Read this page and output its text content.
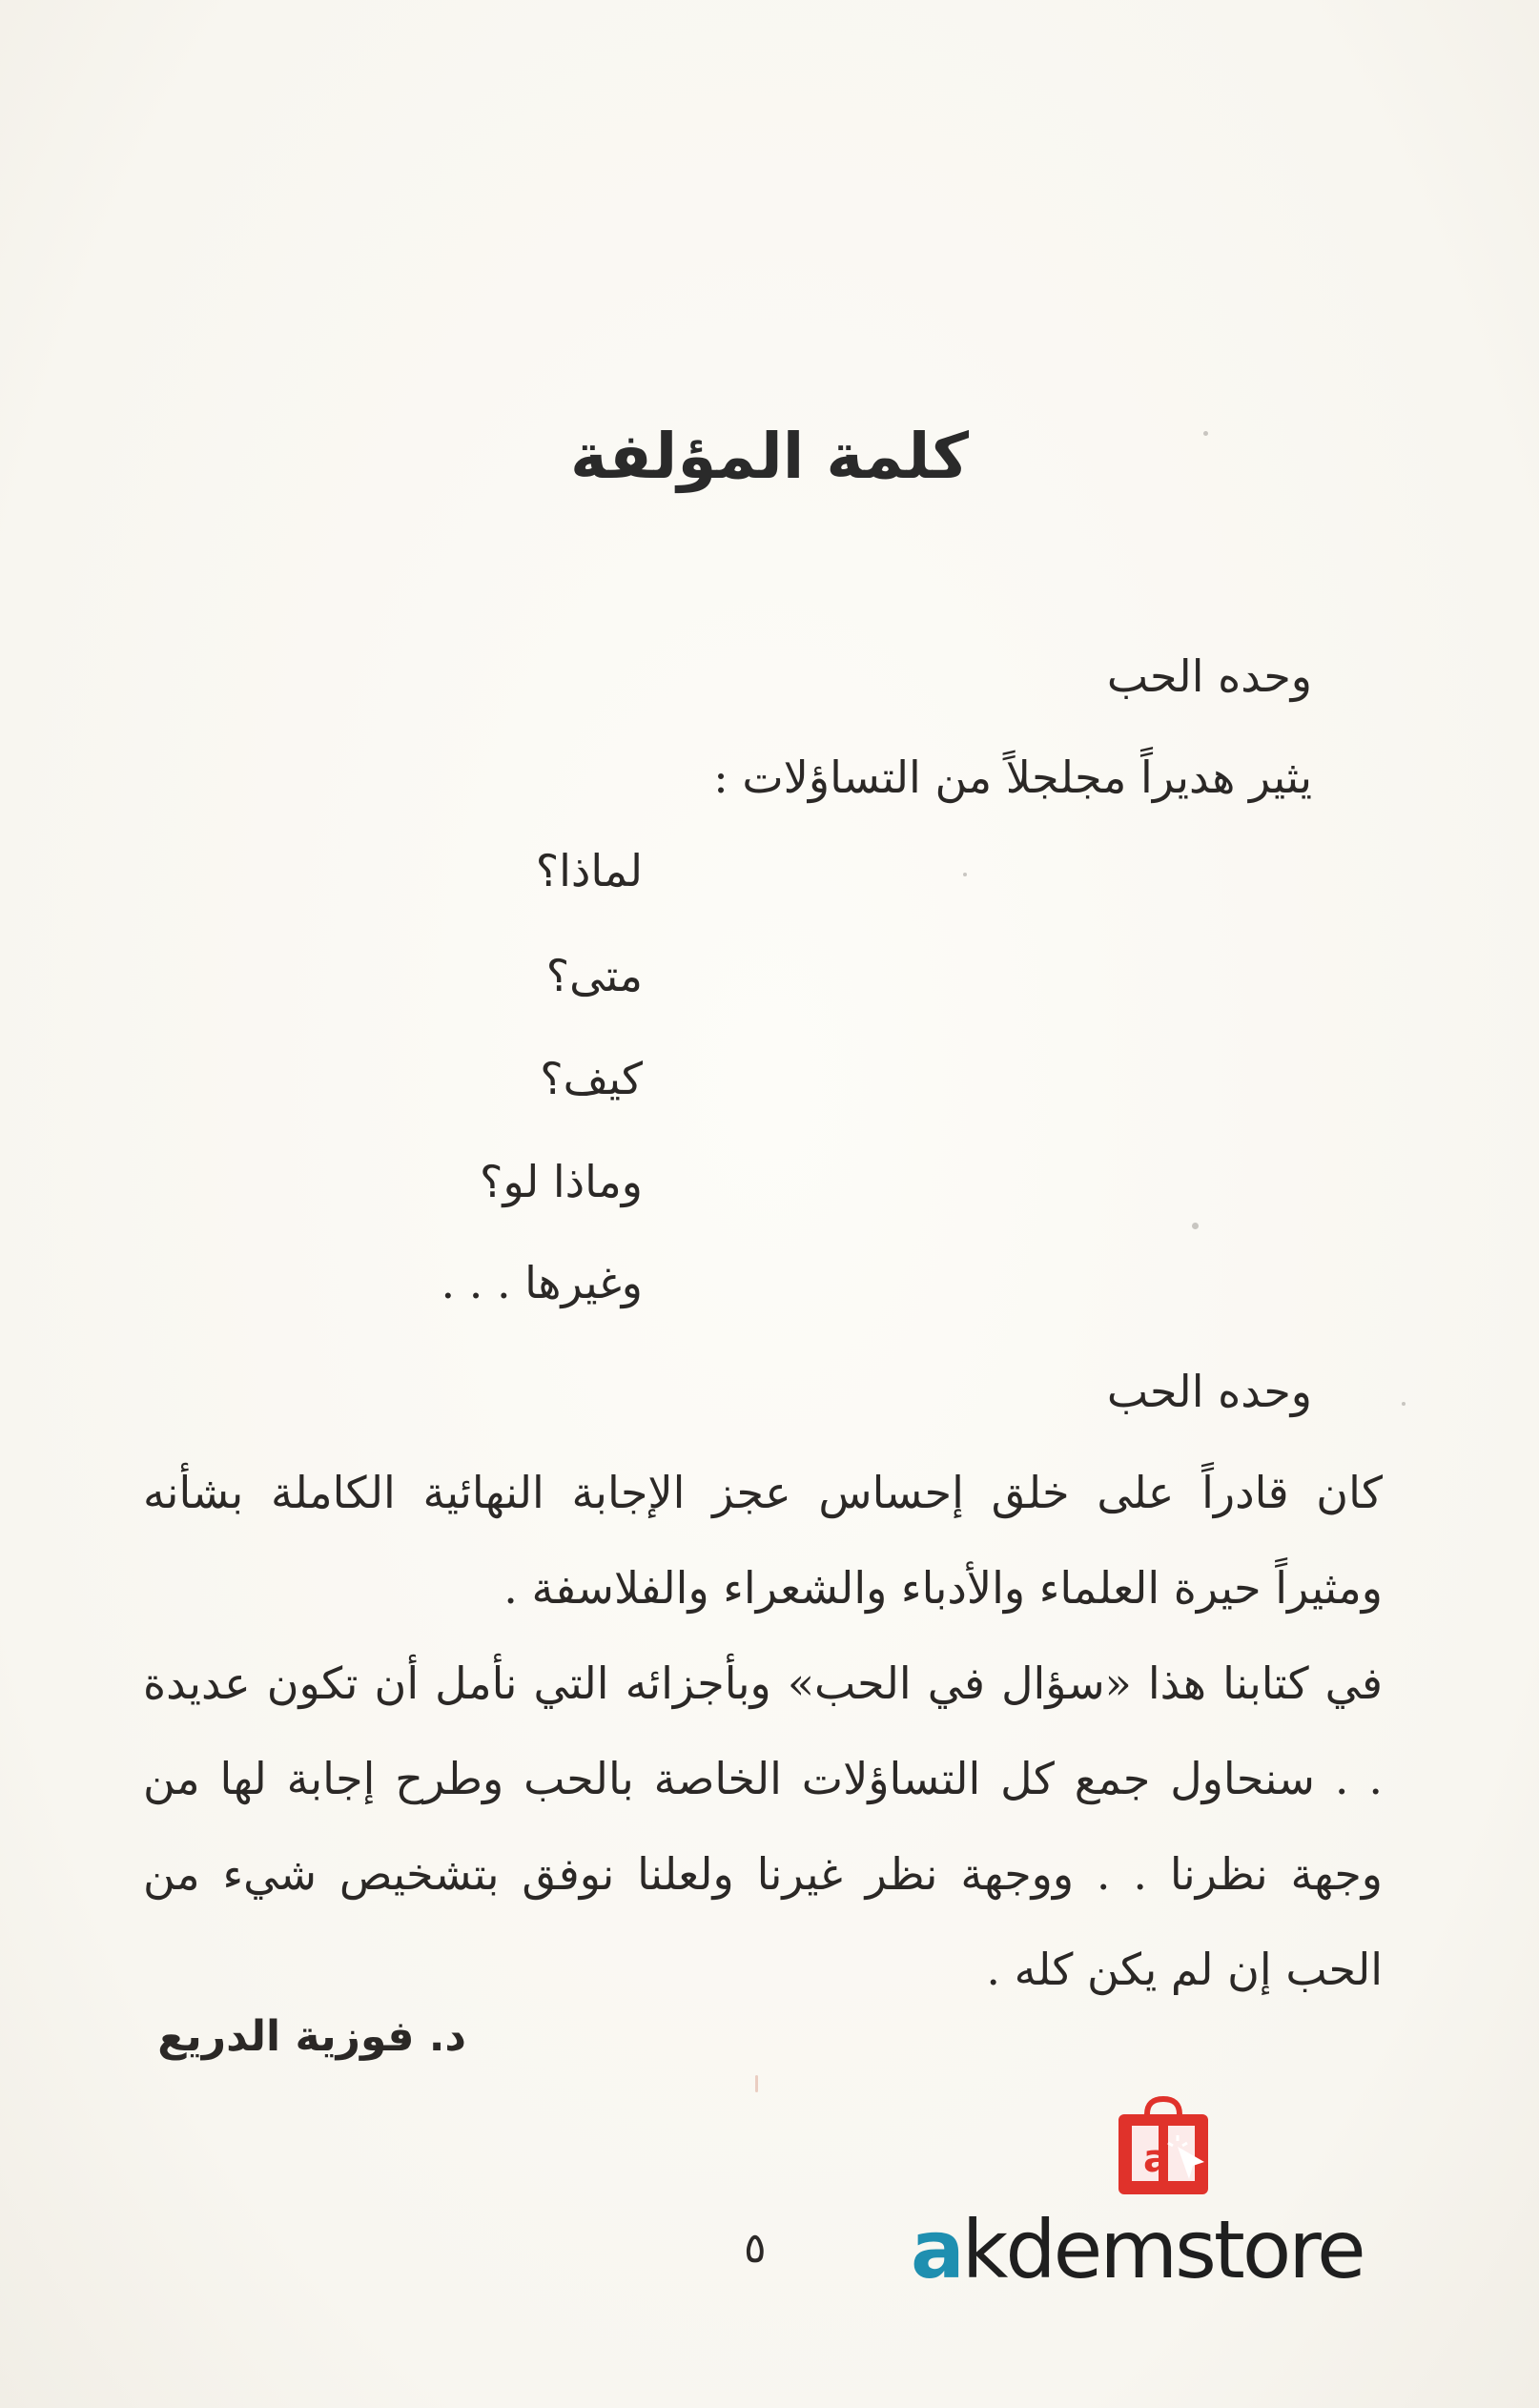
كلمة المؤلفة
وحده الحب
يثير هديراً مجلجلاً من التساؤلات :
لماذا؟
متى؟
كيف؟
وماذا لو؟
وغيرها . . .
وحده الحب

كان قادراً على خلق إحساس عجز الإجابة النهائية الكاملة بشأنه ومثيراً حيرة العلماء والأدباء والشعراء والفلاسفة .

في كتابنا هذا «سؤال في الحب» وبأجزائه التي نأمل أن تكون عديدة . . سنحاول جمع كل التساؤلات الخاصة بالحب وطرح إجابة لها من وجهة نظرنا . . ووجهة نظر غيرنا ولعلنا نوفق بتشخيص شيء من الحب إن لم يكن كله .

د. فوزية الدريع
٥
a
akdemstore
